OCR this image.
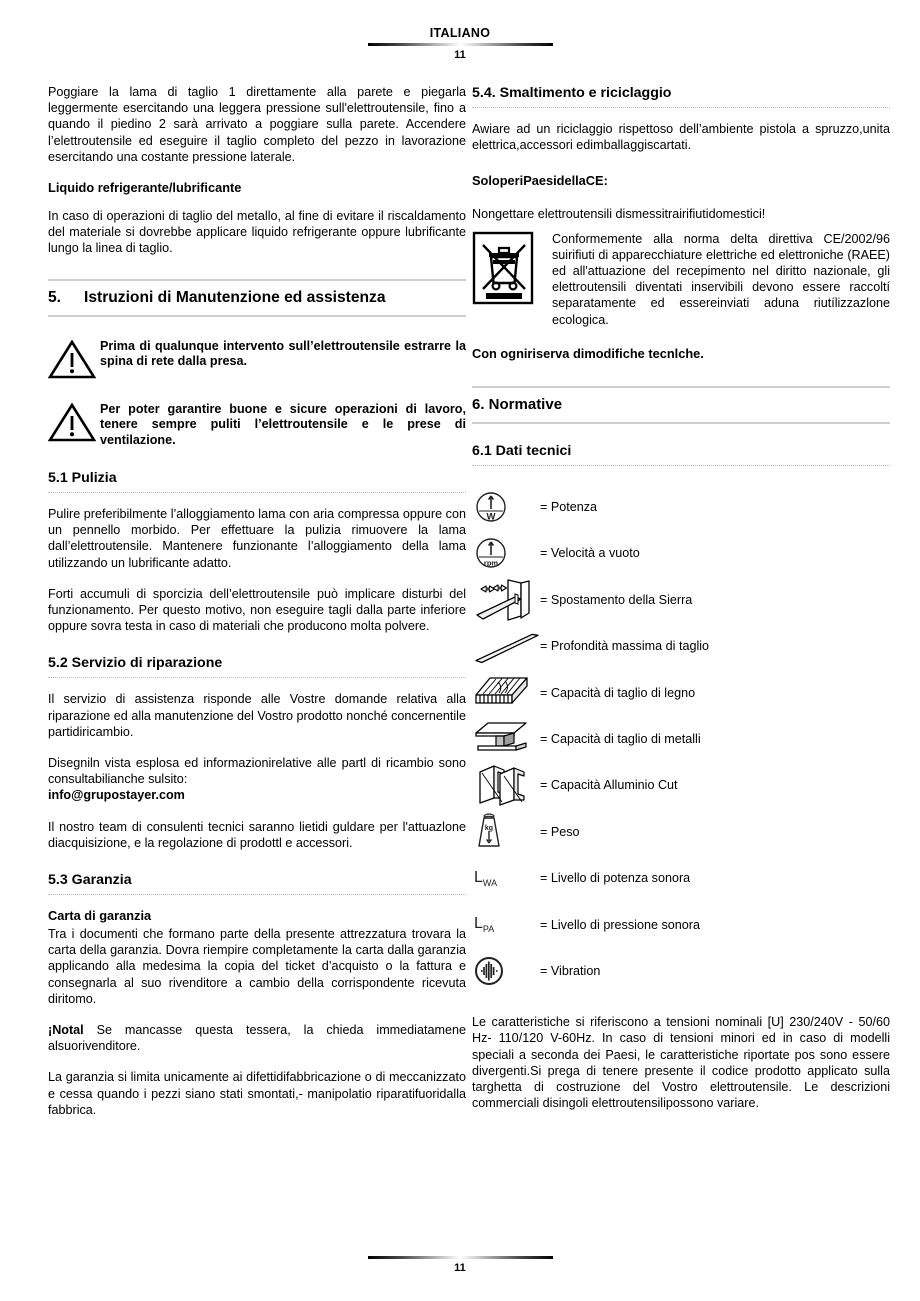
ITALIANO
11

Poggiare la lama di taglio 1 direttamente alla parete e piegarla leggermente esercitando una leggera pressione sull'elettroutensile, fino a quando il piedino 2 sarà arrivato a poggiare sulla parete. Accendere l’elettroutensile ed eseguire il taglio completo del pezzo in lavorazione esercitando una costante pressione laterale.

Liquido refrigerante/lubrificante

In caso di operazioni di taglio del metallo, al fine di evitare il riscaldamento del materiale si dovrebbe applicare liquido refrigerante oppure lubrificante lungo la linea di taglio.

5.	Istruzioni di Manutenzione ed assistenza
Prima di qualunque intervento sull’elettroutensile estrarre la spina di rete dalla presa.
Per poter garantire buone e sicure operazioni di lavoro, tenere sempre puliti l’elettroutensile e le prese di ventilazione.
5.1 Pulizia

Pulire preferibilmente l’alloggiamento lama con aria compressa oppure con un pennello morbido. Per effettuare la pulizia rimuovere la lama dall’elettroutensile. Mantenere funzionante l’alloggiamento della lama utilizzando un lubrificante adatto.

Forti accumuli di sporcizia dell’elettroutensile può implicare disturbi del funzionamento. Per questo motivo, non eseguire tagli dalla parte inferiore oppure sovra testa in caso di materiali che producono molta polvere.

5.2 Servizio di riparazione

Il servizio di assistenza risponde alle Vostre domande relativa alla riparazione ed alla manutenzione del Vostro prodotto nonché concernentile partidiricambio.

Disegniln vista esplosa ed informazionirelative alle partl di ricambio sono consultabilianche sulsito:

info@grupostayer.com

Il nostro team di consulenti tecnici saranno lietidi guldare per l'attuazlone diacquisizione, e la regolazione di prodottl e accessori.

5.3 Garanzia
Carta di garanzia

Tra i documenti che formano parte della presente attrezzatura trovara la carta della garanzia. Dovra riempire completamente la carta dalla garanzia applicando alla medesima la copia del ticket d’acquisto o la fattura e consegnarla al suo rivenditore a cambio della corrispondente ricevuta diritomo.

¡Notal Se mancasse questa tessera, la chieda immediatamene alsuorivenditore.

La garanzia si limita unicamente ai difettidifabbricazione o di meccanizzato e cessa quando i pezzi siano stati smontati,- manipolatio riparatifuoridalla fabbrica.

5.4. Smaltimento e riciclaggio

Awiare ad un riciclaggio rispettoso dell’ambiente pistola a spruzzo,unita elettrica,accessori edimballaggiscartati.

SoloperiPaesidellaCE:

Nongettare elettroutensili dismessitrairifiutidomestici!

Conformemente alla norma delta direttiva CE/2002/96 suirifiuti di apparecchiature elettriche ed elettroniche (RAEE) ed all'attuazione del recepimento nel diritto nazionale, gli elettroutensili diventati inservibili devono essere raccoltí separatamente ed essereinviati aduna riutílizzazlone ecologica.
Con ogniriserva dimodifiche tecnlche.
6. Normative
6.1 Dati tecnici
W
= Potenza
rpm
= Velocità a vuoto
= Spostamento della Sierra
= Profondità massima di taglio
= Capacità di taglio di legno
= Capacità di taglio di metalli
= Capacità Alluminio Cut
kg	= Peso
$L_{WA}$	= Livello di potenza sonora
$L_{PA}$	= Livello di pressione sonora
= Vibration

Le caratteristiche si riferiscono a tensioni nominali [U] 230/240V - 50/60 Hz- 110/120 V-60Hz. In caso di tensioni minori ed in caso di modelli speciali a seconda dei Paesi, le caratteristiche riportate pos sono essere divergenti.Si prega di tenere presente il codice prodotto applicato sulla targhetta di costruzione del Vostro elettroutensile. Le descrizioni commerciali disingoli elettroutensilipossono variare.

11
